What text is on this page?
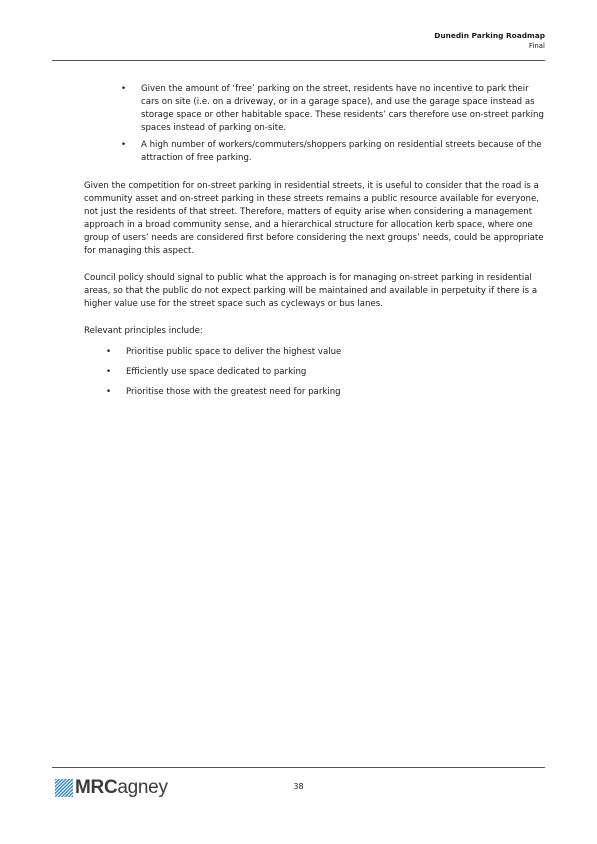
Dunedin Parking Roadmap
Final
• Given the amount of ‘free’ parking on the street, residents have no incentive to park their cars on site (i.e. on a driveway, or in a garage space), and use the garage space instead as storage space or other habitable space. These residents’ cars therefore use on-street parking spaces instead of parking on-site.
• A high number of workers/commuters/shoppers parking on residential streets because of the attraction of free parking.

Given the competition for on-street parking in residential streets, it is useful to consider that the road is a community asset and on-street parking in these streets remains a public resource available for everyone, not just the residents of that street. Therefore, matters of equity arise when considering a management approach in a broad community sense, and a hierarchical structure for allocation kerb space, where one group of users’ needs are considered first before considering the next groups’ needs, could be appropriate for managing this aspect.

Council policy should signal to public what the approach is for managing on-street parking in residential areas, so that the public do not expect parking will be maintained and available in perpetuity if there is a higher value use for the street space such as cycleways or bus lanes.

Relevant principles include:

• Prioritise public space to deliver the highest value
• Efficiently use space dedicated to parking
• Prioritise those with the greatest need for parking
MRCagney	38
